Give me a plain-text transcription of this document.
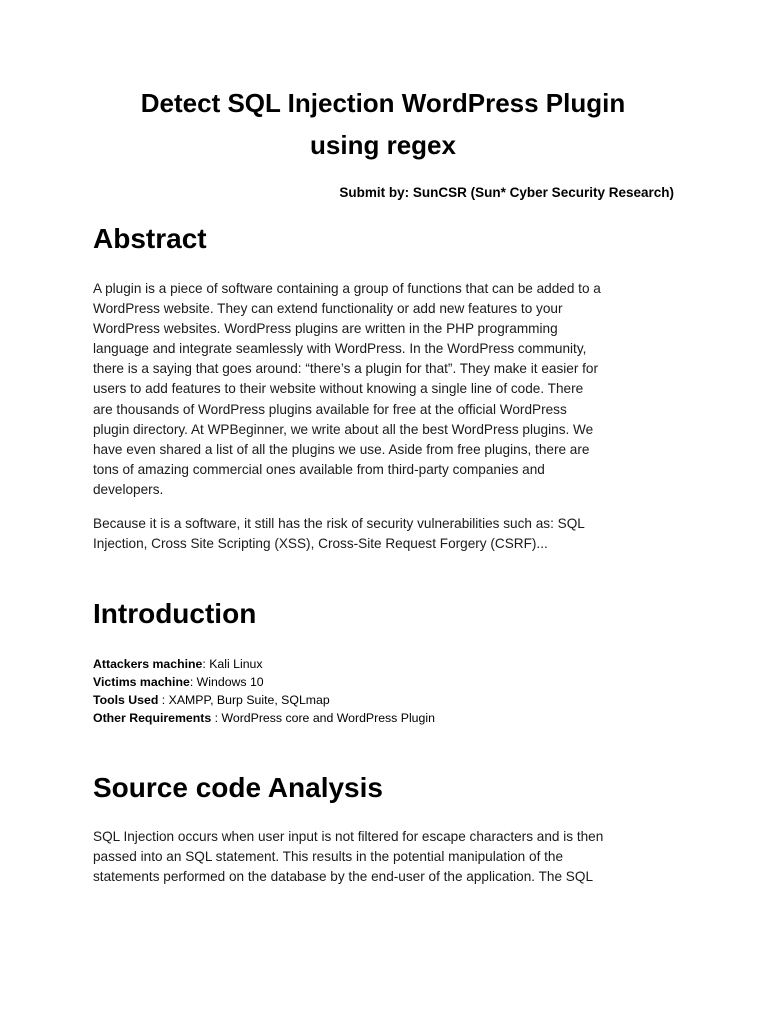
Detect SQL Injection WordPress Plugin
using regex
Submit by: SunCSR (Sun* Cyber Security Research)
Abstract

A plugin is a piece of software containing a group of functions that can be added to a

WordPress website. They can extend functionality or add new features to your

WordPress websites. WordPress plugins are written in the PHP programming

language and integrate seamlessly with WordPress. In the WordPress community,

there is a saying that goes around: “there’s a plugin for that”. They make it easier for

users to add features to their website without knowing a single line of code. There

are thousands of WordPress plugins available for free at the official WordPress

plugin directory. At WPBeginner, we write about all the best WordPress plugins. We

have even shared a list of all the plugins we use. Aside from free plugins, there are

tons of amazing commercial ones available from third-party companies and

developers.

Because it is a software, it still has the risk of security vulnerabilities such as: SQL

Injection, Cross Site Scripting (XSS), Cross-Site Request Forgery (CSRF)...

Introduction
Attackers machine: Kali Linux
Victims machine: Windows 10
Tools Used : XAMPP, Burp Suite, SQLmap
Other Requirements : WordPress core and WordPress Plugin
Source code Analysis

SQL Injection occurs when user input is not filtered for escape characters and is then

passed into an SQL statement. This results in the potential manipulation of the

statements performed on the database by the end-user of the application. The SQL
